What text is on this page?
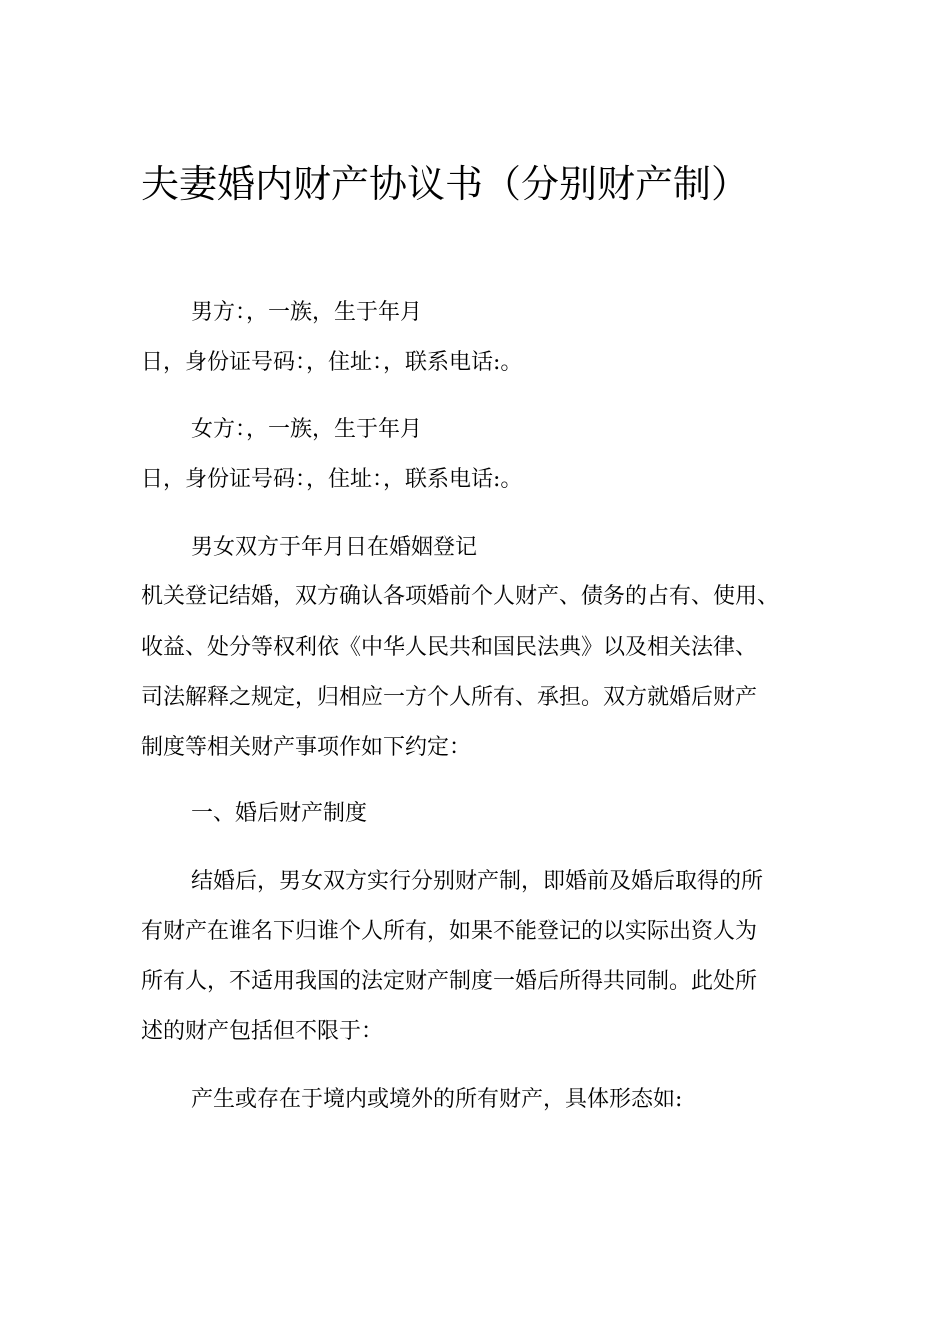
夫妻婚内财产协议书（分别财产制）
男方：，一族，生于年月
日，身份证号码：，住址：，联系电话:。
女方：，一族，生于年月
日，身份证号码：，住址：，联系电话:。
男女双方于年月日在婚姻登记
机关登记结婚，双方确认各项婚前个人财产、债务的占有、使用、
收益、处分等权利依《中华人民共和国民法典》以及相关法律、
司法解释之规定，归相应一方个人所有、承担。双方就婚后财产
制度等相关财产事项作如下约定：
一、婚后财产制度
结婚后，男女双方实行分别财产制，即婚前及婚后取得的所
有财产在谁名下归谁个人所有，如果不能登记的以实际出资人为
所有人，不适用我国的法定财产制度一婚后所得共同制。此处所
述的财产包括但不限于：
产生或存在于境内或境外的所有财产，具体形态如:
